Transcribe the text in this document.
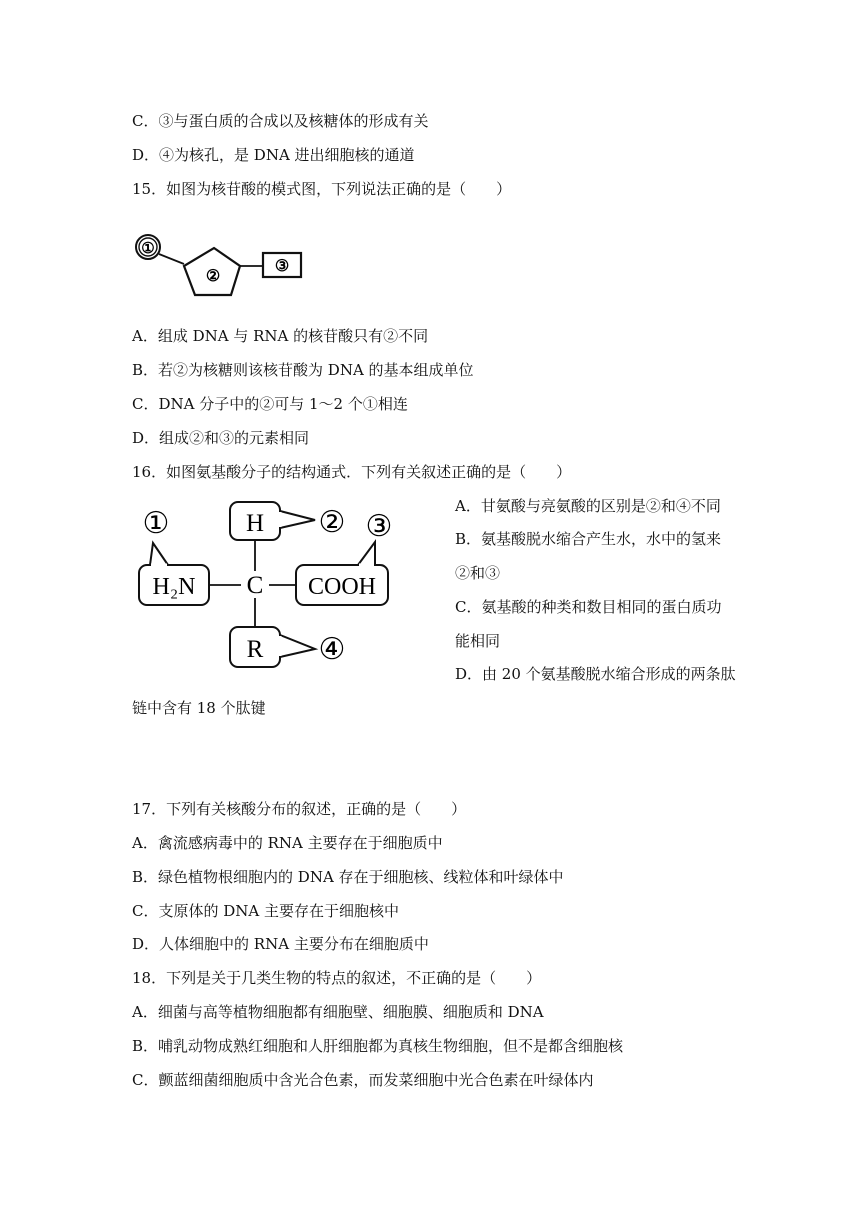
C．③与蛋白质的合成以及核糖体的形成有关
D．④为核孔，是 DNA 进出细胞核的通道
15．如图为核苷酸的模式图，下列说法正确的是（　　）
①
②
③
A．组成 DNA 与 RNA 的核苷酸只有②不同
B．若②为核糖则该核苷酸为 DNA 的基本组成单位
C．DNA 分子中的②可与 1～2 个①相连
D．组成②和③的元素相同
16．如图氨基酸分子的结构通式．下列有关叙述正确的是（　　）
①	② ③
④
H
C
H₂N	COOH
R
A．甘氨酸与亮氨酸的区别是②和④不同
B．氨基酸脱水缩合产生水，水中的氢来
②和③
C．氨基酸的种类和数目相同的蛋白质功
能相同
D．由 20 个氨基酸脱水缩合形成的两条肽
链中含有 18 个肽键
17．下列有关核酸分布的叙述，正确的是（　　）
A．禽流感病毒中的 RNA 主要存在于细胞质中
B．绿色植物根细胞内的 DNA 存在于细胞核、线粒体和叶绿体中
C．支原体的 DNA 主要存在于细胞核中
D．人体细胞中的 RNA 主要分布在细胞质中
18．下列是关于几类生物的特点的叙述，不正确的是（　　）
A．细菌与高等植物细胞都有细胞壁、细胞膜、细胞质和 DNA
B．哺乳动物成熟红细胞和人肝细胞都为真核生物细胞，但不是都含细胞核
C．颤蓝细菌细胞质中含光合色素，而发菜细胞中光合色素在叶绿体内
